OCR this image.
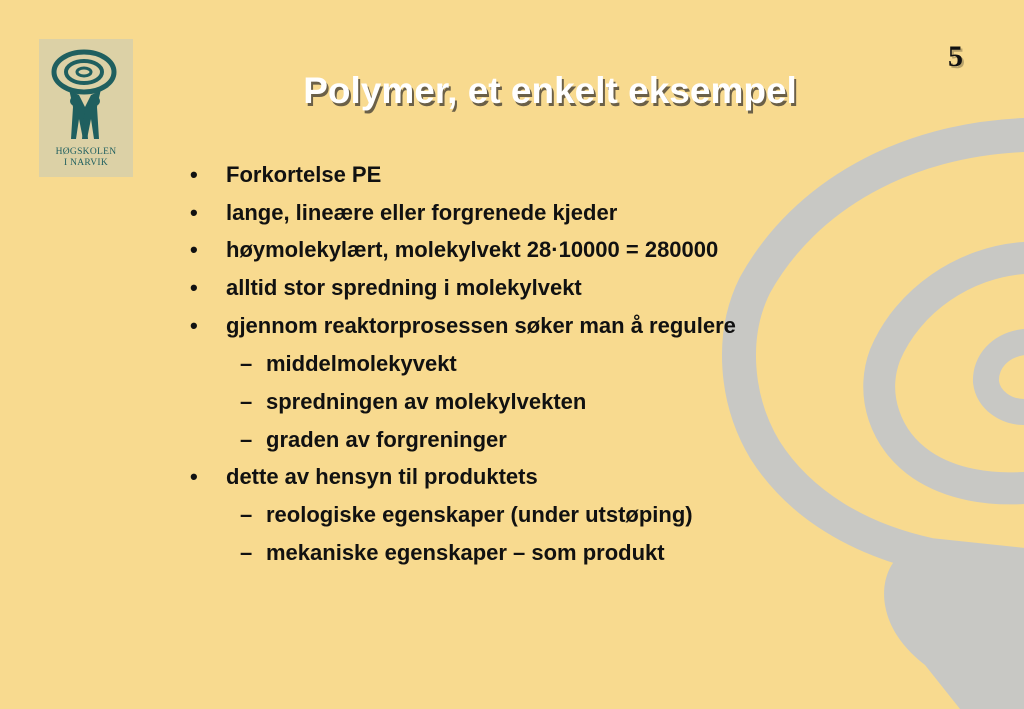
HØGSKOLEN
I NARVIK
5
Polymer, et enkelt eksempel
• Forkortelse PE
• lange, lineære eller forgrenede kjeder
• høymolekylært, molekylvekt 28·10000 = 280000
• alltid stor spredning i molekylvekt
• gjennom reaktorprosessen søker man å regulere
– middelmolekyvekt
– spredningen av molekylvekten
– graden av forgreninger
• dette av hensyn til produktets
– reologiske egenskaper (under utstøping)
– mekaniske egenskaper – som produkt
